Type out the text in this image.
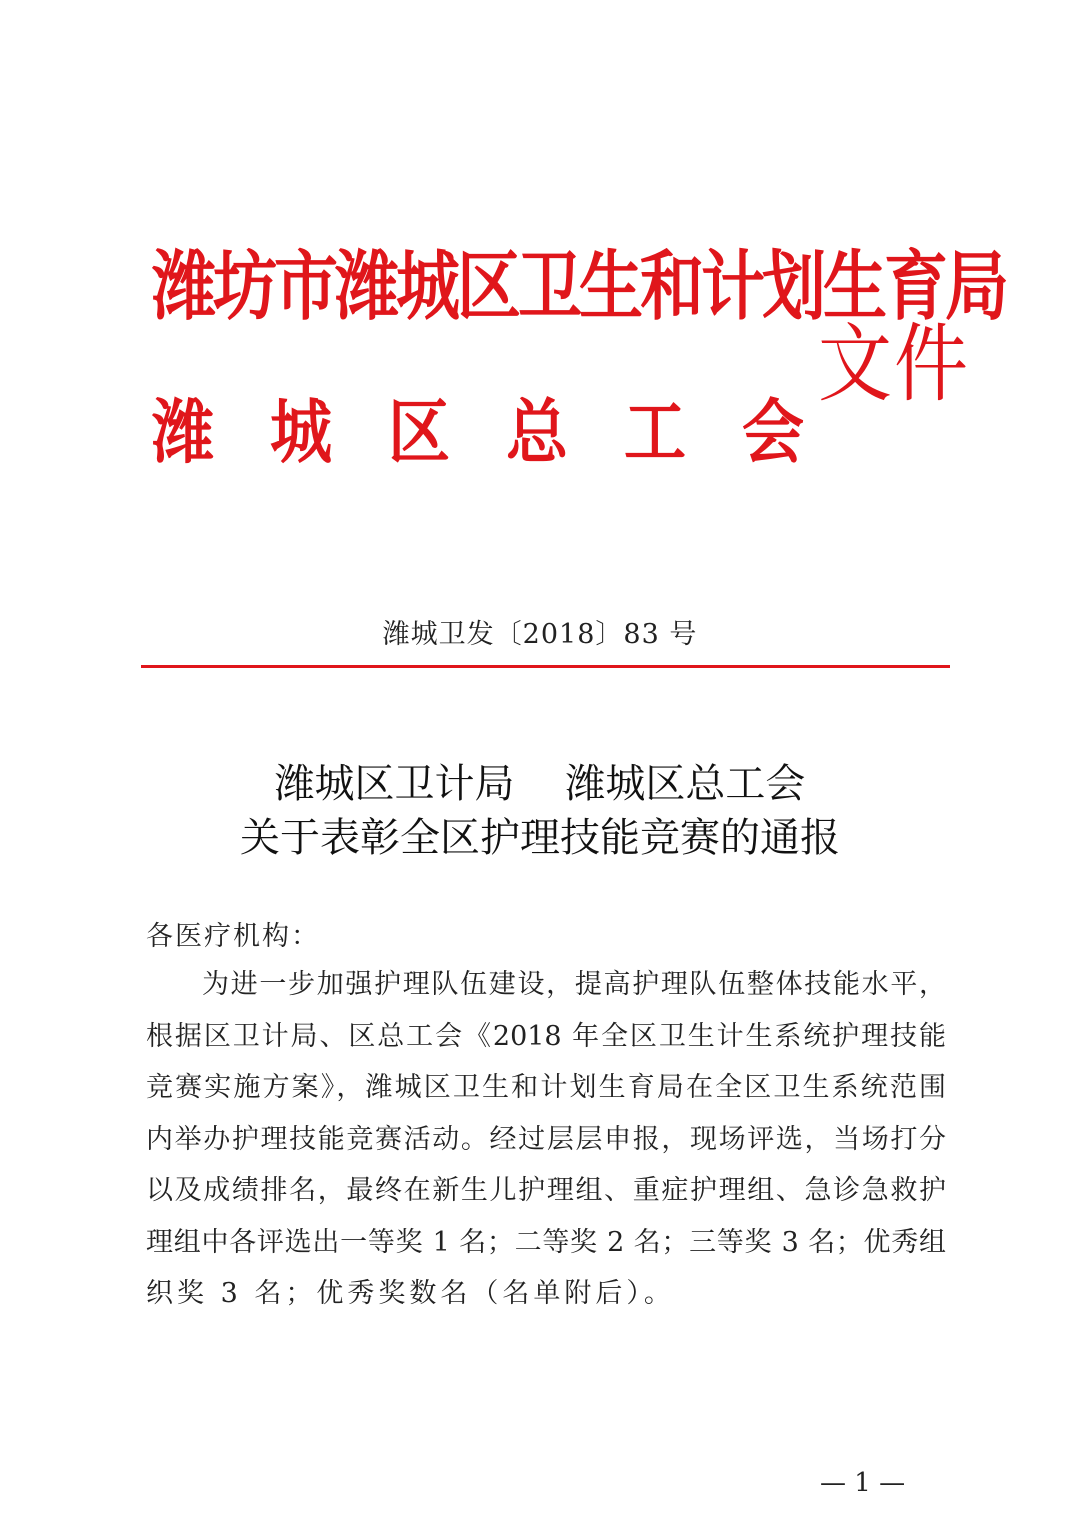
潍坊市潍城区卫生和计划生育局
潍 城 区 总 工 会
文件
潍城卫发〔2018〕83 号
潍城区卫计局    潍城区总工会
关于表彰全区护理技能竞赛的通报
各医疗机构：
为进一步加强护理队伍建设，提高护理队伍整体技能水平，
根据区卫计局、区总工会《2018 年全区卫生计生系统护理技能
竞赛实施方案》，潍城区卫生和计划生育局在全区卫生系统范围
内举办护理技能竞赛活动。经过层层申报，现场评选，当场打分
以及成绩排名，最终在新生儿护理组、重症护理组、急诊急救护
理组中各评选出一等奖 1 名；二等奖 2 名；三等奖 3 名；优秀组
织奖 3 名；优秀奖数名（名单附后）。
— 1 —
